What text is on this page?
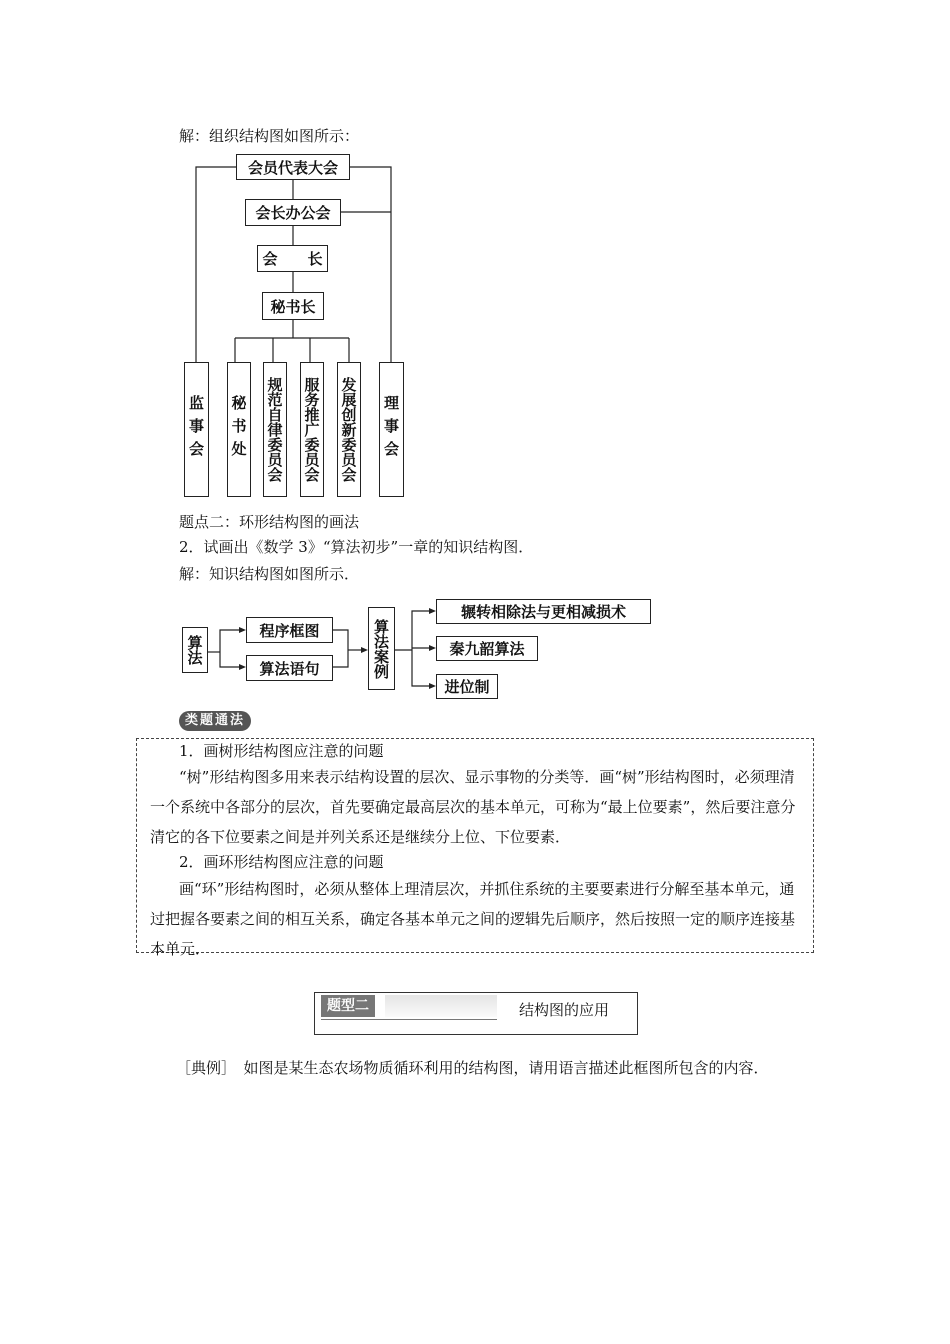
解：组织结构图如图所示：
会员代表大会
会长办公会
会　　长
秘书长
监事会 秘书处 规范自律委员会 服务推广委员会 发展创新委员会 理事会
题点二：环形结构图的画法
2．试画出《数学 3》“算法初步”一章的知识结构图．
解：知识结构图如图所示．
算法
程序框图
算法语句	算法案例
辗转相除法与更相减损术
秦九韶算法
进位制
类题通法
1．画树形结构图应注意的问题
“树”形结构图多用来表示结构设置的层次、显示事物的分类等．画“树”形结构图时，必须理清一个系统中各部分的层次，首先要确定最高层次的基本单元，可称为“最上位要素”，然后要注意分清它的各下位要素之间是并列关系还是继续分上位、下位要素．
2．画环形结构图应注意的问题
画“环”形结构图时，必须从整体上理清层次，并抓住系统的主要要素进行分解至基本单元，通过把握各要素之间的相互关系，确定各基本单元之间的逻辑先后顺序，然后按照一定的顺序连接基本单元．
题型二	结构图的应用
［典例］　如图是某生态农场物质循环利用的结构图，请用语言描述此框图所包含的内容．
